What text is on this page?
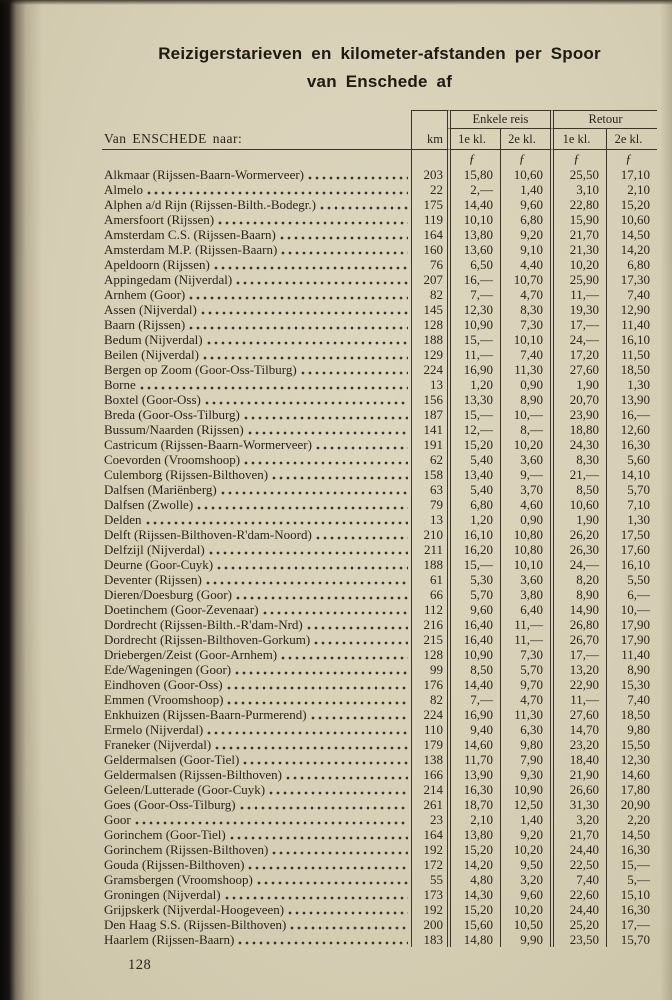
Reizigerstarieven en kilometer-afstanden per Spoor
van Enschede af
Enkele reis	Retour
Van ENSCHEDE naar:	km	1e kl.	2e kl.	1e kl.	2e kl.
ƒ	ƒ	ƒ	ƒ
Alkmaar (Rijssen-Baarn-Wormerveer)	203	15,80	10,60	25,50	17,10
Almelo	22	2,—	1,40	3,10	2,10
Alphen a/d Rijn (Rijssen-Bilth.-Bodegr.)	175	14,40	9,60	22,80	15,20
Amersfoort (Rijssen)	119	10,10	6,80	15,90	10,60
Amsterdam C.S. (Rijssen-Baarn)	164	13,80	9,20	21,70	14,50
Amsterdam M.P. (Rijssen-Baarn)	160	13,60	9,10	21,30	14,20
Apeldoorn (Rijssen)	76	6,50	4,40	10,20	6,80
Appingedam (Nijverdal)	207	16,—	10,70	25,90	17,30
Arnhem (Goor)	82	7,—	4,70	11,—	7,40
Assen (Nijverdal)	145	12,30	8,30	19,30	12,90
Baarn (Rijssen)	128	10,90	7,30	17,—	11,40
Bedum (Nijverdal)	188	15,—	10,10	24,—	16,10
Beilen (Nijverdal)	129	11,—	7,40	17,20	11,50
Bergen op Zoom (Goor-Oss-Tilburg)	224	16,90	11,30	27,60	18,50
Borne	13	1,20	0,90	1,90	1,30
Boxtel (Goor-Oss)	156	13,30	8,90	20,70	13,90
Breda (Goor-Oss-Tilburg)	187	15,—	10,—	23,90	16,—
Bussum/Naarden (Rijssen)	141	12,—	8,—	18,80	12,60
Castricum (Rijssen-Baarn-Wormerveer)	191	15,20	10,20	24,30	16,30
Coevorden (Vroomshoop)	62	5,40	3,60	8,30	5,60
Culemborg (Rijssen-Bilthoven)	158	13,40	9,—	21,—	14,10
Dalfsen (Mariënberg)	63	5,40	3,70	8,50	5,70
Dalfsen (Zwolle)	79	6,80	4,60	10,60	7,10
Delden	13	1,20	0,90	1,90	1,30
Delft (Rijssen-Bilthoven-R'dam-Noord)	210	16,10	10,80	26,20	17,50
Delfzijl (Nijverdal)	211	16,20	10,80	26,30	17,60
Deurne (Goor-Cuyk)	188	15,—	10,10	24,—	16,10
Deventer (Rijssen)	61	5,30	3,60	8,20	5,50
Dieren/Doesburg (Goor)	66	5,70	3,80	8,90	6,—
Doetinchem (Goor-Zevenaar)	112	9,60	6,40	14,90	10,—
Dordrecht (Rijssen-Bilth.-R'dam-Nrd)	216	16,40	11,—	26,80	17,90
Dordrecht (Rijssen-Bilthoven-Gorkum)	215	16,40	11,—	26,70	17,90
Driebergen/Zeist (Goor-Arnhem)	128	10,90	7,30	17,—	11,40
Ede/Wageningen (Goor)	99	8,50	5,70	13,20	8,90
Eindhoven (Goor-Oss)	176	14,40	9,70	22,90	15,30
Emmen (Vroomshoop)	82	7,—	4,70	11,—	7,40
Enkhuizen (Rijssen-Baarn-Purmerend)	224	16,90	11,30	27,60	18,50
Ermelo (Nijverdal)	110	9,40	6,30	14,70	9,80
Franeker (Nijverdal)	179	14,60	9,80	23,20	15,50
Geldermalsen (Goor-Tiel)	138	11,70	7,90	18,40	12,30
Geldermalsen (Rijssen-Bilthoven)	166	13,90	9,30	21,90	14,60
Geleen/Lutterade (Goor-Cuyk)	214	16,30	10,90	26,60	17,80
Goes (Goor-Oss-Tilburg)	261	18,70	12,50	31,30	20,90
Goor	23	2,10	1,40	3,20	2,20
Gorinchem (Goor-Tiel)	164	13,80	9,20	21,70	14,50
Gorinchem (Rijssen-Bilthoven)	192	15,20	10,20	24,40	16,30
Gouda (Rijssen-Bilthoven)	172	14,20	9,50	22,50	15,—
Gramsbergen (Vroomshoop)	55	4,80	3,20	7,40	5,—
Groningen (Nijverdal)	173	14,30	9,60	22,60	15,10
Grijpskerk (Nijverdal-Hoogeveen)	192	15,20	10,20	24,40	16,30
Den Haag S.S. (Rijssen-Bilthoven)	200	15,60	10,50	25,20	17,—
Haarlem (Rijssen-Baarn)	183	14,80	9,90	23,50	15,70
128
